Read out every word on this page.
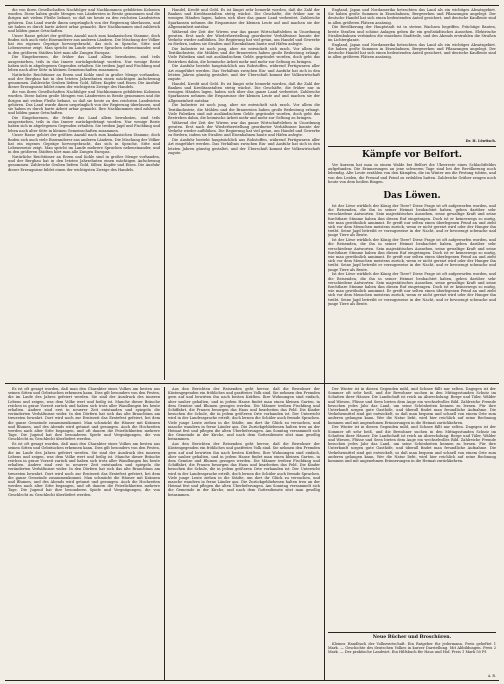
die von ihren Gesellschaften Nachfolger und Nachkommen gebildeten Kolonien wurden. Diese haben große Mengen von Ländereien in Besitz genommen und die ihrigen mit vielem Fleiße bebaut, so daß sie heute zu den reichsten Landwirten gehören. Das Land wurde ihnen ursprünglich von der Regierung überlassen, und sie haben es durch harte Arbeit urbar gemacht. Ihre Nachkommen sind zahlreich und bilden ganze Ortschaften.

Unser Rasse gehört der größten Anzahl nach zum kaukasischen Stamme, doch finden sich auch viele Einwanderer aus anderen Ländern. Die Mischung der Völker hat ein eigenes Gepräge hervorgebracht, das sich in Sprache, Sitte und Lebensweise zeigt. Man spricht im Lande mehrere Sprachen nebeneinander, und in den größeren Städten hört man alle Zungen Europas.

Die Eingeborenen, die früher das Land allein bewohnten, sind teils ausgestorben, teils in das Innere zurückgedrängt worden. Nur wenige Reste haben sich in abgelegenen Gegenden erhalten. Sie treiben Jagd und Fischfang und leben nach alter Sitte in kleinen Gemeinschaften zusammen.

Natürliche Reichtümer an Erzen und Kohle sind in großer Menge vorhanden, und der Bergbau hat in den letzten Jahrzehnten einen mächtigen Aufschwung genommen. Zahlreiche Gruben liefern Gold, Silber, Kupfer und Eisen. Die Ausfuhr dieser Erzeugnisse bildet einen der wichtigsten Zweige des Handels.

die von ihren Gesellschaften Nachfolger und Nachkommen gebildeten Kolonien wurden. Diese haben große Mengen von Ländereien in Besitz genommen und die ihrigen mit vielem Fleiße bebaut, so daß sie heute zu den reichsten Landwirten gehören. Das Land wurde ihnen ursprünglich von der Regierung überlassen, und sie haben es durch harte Arbeit urbar gemacht. Ihre Nachkommen sind zahlreich und bilden ganze Ortschaften.

Die Eingeborenen, die früher das Land allein bewohnten, sind teils ausgestorben, teils in das Innere zurückgedrängt worden. Nur wenige Reste haben sich in abgelegenen Gegenden erhalten. Sie treiben Jagd und Fischfang und leben nach alter Sitte in kleinen Gemeinschaften zusammen.

Unser Rasse gehört der größten Anzahl nach zum kaukasischen Stamme, doch finden sich auch viele Einwanderer aus anderen Ländern. Die Mischung der Völker hat ein eigenes Gepräge hervorgebracht, das sich in Sprache, Sitte und Lebensweise zeigt. Man spricht im Lande mehrere Sprachen nebeneinander, und in den größeren Städten hört man alle Zungen Europas.

Natürliche Reichtümer an Erzen und Kohle sind in großer Menge vorhanden, und der Bergbau hat in den letzten Jahrzehnten einen mächtigen Aufschwung genommen. Zahlreiche Gruben liefern Gold, Silber, Kupfer und Eisen. Die Ausfuhr dieser Erzeugnisse bildet einen der wichtigsten Zweige des Handels.

Handel, Kredit und Geld. Es ist längst sehr bemerkt worden, daß die Zahl der Banken und Kreditanstalten stetig wächst. Die Geschäfte, die früher nur in wenigen Händen lagen, haben sich über das ganze Land verbreitet. Zahlreiche Sparkassen nehmen die Ersparnisse der kleinen Leute auf und machen sie der Allgemeinheit nutzbar.

Während der Zeit der Wirren war das ganze Wirtschaftsleben in Unordnung geraten. Erst nach der Wiederherstellung geordneter Verhältnisse konnte der Verkehr wieder aufblühen. Die Regierung hat viel getan, um Handel und Gewerbe zu fördern, indem sie Straßen und Eisenbahnen baute und Häfen anlegte.

Die Industrie ist noch jung, aber sie entwickelt sich rasch. Vor allem die Textilindustrie, die Mühlen und die Brauereien haben große Bedeutung erlangt. Viele Fabriken sind mit ausländischem Gelde gegründet worden, doch geht das Bestreben dahin, die heimische Arbeit mehr und mehr zur Geltung zu bringen.

Die Ausfuhr besteht hauptsächlich aus Rohstoffen, während Fertigwaren aller Art eingeführt werden. Das Verhältnis zwischen Ein- und Ausfuhr hat sich in den letzten Jahren günstig gestaltet, und der Überschuß kommt der Volkswirtschaft zugute.

Handel, Kredit und Geld. Es ist längst sehr bemerkt worden, daß die Zahl der Banken und Kreditanstalten stetig wächst. Die Geschäfte, die früher nur in wenigen Händen lagen, haben sich über das ganze Land verbreitet. Zahlreiche Sparkassen nehmen die Ersparnisse der kleinen Leute auf und machen sie der Allgemeinheit nutzbar.

Die Industrie ist noch jung, aber sie entwickelt sich rasch. Vor allem die Textilindustrie, die Mühlen und die Brauereien haben große Bedeutung erlangt. Viele Fabriken sind mit ausländischem Gelde gegründet worden, doch geht das Bestreben dahin, die heimische Arbeit mehr und mehr zur Geltung zu bringen.

Während der Zeit der Wirren war das ganze Wirtschaftsleben in Unordnung geraten. Erst nach der Wiederherstellung geordneter Verhältnisse konnte der Verkehr wieder aufblühen. Die Regierung hat viel getan, um Handel und Gewerbe zu fördern, indem sie Straßen und Eisenbahnen baute und Häfen anlegte.

Die Ausfuhr besteht hauptsächlich aus Rohstoffen, während Fertigwaren aller Art eingeführt werden. Das Verhältnis zwischen Ein- und Ausfuhr hat sich in den letzten Jahren günstig gestaltet, und der Überschuß kommt der Volkswirtschaft zugute.

England, Japan und Nordamerika betrachten das Land als ein wichtiges Absatzgebiet. Sie haben große Summen in Eisenbahnen, Bergwerken und Pflanzungen angelegt. Der deutsche Handel hat sich einen bedeutenden Anteil gesichert, und deutsche Kaufleute sind in allen größeren Plätzen ansässig.

Die Bevölkerung der Hauptstadt ist in stetem Wachsen begriffen. Prächtige Bauten, breite Straßen und schöne Anlagen geben ihr ein großstädtisches Aussehen. Elektrische Straßenbahnen verbinden die einzelnen Stadtteile, und des Abends erstrahlen die Straßen im Lichterglanze.

England, Japan und Nordamerika betrachten das Land als ein wichtiges Absatzgebiet. Sie haben große Summen in Eisenbahnen, Bergwerken und Pflanzungen angelegt. Der deutsche Handel hat sich einen bedeutenden Anteil gesichert, und deutsche Kaufleute sind in allen größeren Plätzen ansässig.

Dr. H. Löwitsch.
Kämpfe vor Belfort.

Vor kurzem hat man in einem Walde bei Belfort die Überreste eines Schlachtfeldes aufgefunden. Die Erinnerungen an jene schweren Tage sind bei der Bevölkerung noch lebendig. Alte Leute erzählen von den Kämpfen, die im Winter um die Festung tobten, und von den Leiden, die Freund und Feind zu erdulden hatten. Zahlreiche Gräber zeugen noch heute von dem heißen Ringen.

Das Löwen.

Ist der Löwe wirklich der König der Tiere? Diese Frage ist oft aufgeworfen worden, und die Reisenden, die ihn in seiner Heimat beobachtet haben, geben darüber sehr verschiedene Antworten. Sein majestätisches Aussehen, seine gewaltige Kraft und seine furchtbare Stimme haben ihm diesen Ruf eingetragen. Doch ist er keineswegs so mutig, wie man gewöhnlich annimmt. Er greift nur selten einen überlegenen Feind an und zieht sich vor dem Menschen meistens zurück, wenn er nicht gereizt wird oder der Hunger ihn treibt. Seine Jagd betreibt er vorzugsweise in der Nacht, und er bevorzugt schwache und junge Tiere als Beute.

Ist der Löwe wirklich der König der Tiere? Diese Frage ist oft aufgeworfen worden, und die Reisenden, die ihn in seiner Heimat beobachtet haben, geben darüber sehr verschiedene Antworten. Sein majestätisches Aussehen, seine gewaltige Kraft und seine furchtbare Stimme haben ihm diesen Ruf eingetragen. Doch ist er keineswegs so mutig, wie man gewöhnlich annimmt. Er greift nur selten einen überlegenen Feind an und zieht sich vor dem Menschen meistens zurück, wenn er nicht gereizt wird oder der Hunger ihn treibt. Seine Jagd betreibt er vorzugsweise in der Nacht, und er bevorzugt schwache und junge Tiere als Beute.

Ist der Löwe wirklich der König der Tiere? Diese Frage ist oft aufgeworfen worden, und die Reisenden, die ihn in seiner Heimat beobachtet haben, geben darüber sehr verschiedene Antworten. Sein majestätisches Aussehen, seine gewaltige Kraft und seine furchtbare Stimme haben ihm diesen Ruf eingetragen. Doch ist er keineswegs so mutig, wie man gewöhnlich annimmt. Er greift nur selten einen überlegenen Feind an und zieht sich vor dem Menschen meistens zurück, wenn er nicht gereizt wird oder der Hunger ihn treibt. Seine Jagd betreibt er vorzugsweise in der Nacht, und er bevorzugt schwache und junge Tiere als Beute.

Es ist oft gesagt worden, daß man den Charakter eines Volkes am besten aus seinen Sitten und Gebräuchen erkennen kann. Dies gilt besonders von den Festen, die im Laufe des Jahres gefeiert werden. Sie sind der Ausdruck des inneren Lebens und zeigen, was dem Volke wert und heilig ist. Manche dieser Bräuche reichen in graue Vorzeit zurück und haben sich trotz aller Wandlungen bis heute erhalten. Andere sind erst in neuerer Zeit entstanden und spiegeln die veränderten Verhältnisse wider. In den Dörfern hat sich das alte Brauchtum am treuesten bewahrt. Dort wird noch zur Erntezeit das Erntefest gefeiert, bei dem die ganze Gemeinde zusammenkommt. Man schmückt die Häuser mit Kränzen und Blumen, und des Abends wird getanzt und gesungen. Auch die Hochzeiten werden nach alter Sitte begangen, und oft dauern die Feierlichkeiten mehrere Tage. Die Jugend hat ihre besonderen Spiele und Vergnügungen, die von Geschlecht zu Geschlecht überliefert werden.

Es ist oft gesagt worden, daß man den Charakter eines Volkes am besten aus seinen Sitten und Gebräuchen erkennen kann. Dies gilt besonders von den Festen, die im Laufe des Jahres gefeiert werden. Sie sind der Ausdruck des inneren Lebens und zeigen, was dem Volke wert und heilig ist. Manche dieser Bräuche reichen in graue Vorzeit zurück und haben sich trotz aller Wandlungen bis heute erhalten. Andere sind erst in neuerer Zeit entstanden und spiegeln die veränderten Verhältnisse wider. In den Dörfern hat sich das alte Brauchtum am treuesten bewahrt. Dort wird noch zur Erntezeit das Erntefest gefeiert, bei dem die ganze Gemeinde zusammenkommt. Man schmückt die Häuser mit Kränzen und Blumen, und des Abends wird getanzt und gesungen. Auch die Hochzeiten werden nach alter Sitte begangen, und oft dauern die Feierlichkeiten mehrere Tage. Die Jugend hat ihre besonderen Spiele und Vergnügungen, die von Geschlecht zu Geschlecht überliefert werden.

Aus den Berichten der Reisenden geht hervor, daß die Bewohner der Küstengegenden ein fröhliches und gastfreies Volk sind. Sie nehmen den Fremden gern auf und bewirten ihn nach besten Kräften. Ihre Wohnungen sind einfach, aber sauber gehalten, und in jedem Hause findet man einen kleinen Garten, in dem Gemüse und Blumen gezogen werden. Die Männer treiben Fischfang und Schiffahrt, die Frauen besorgen das Haus und bearbeiten das Feld. Die Kinder besuchen die Schule, die in jedem größeren Orte vorhanden ist. Der Unterricht wird in der Landessprache erteilt, doch lernen die Schüler auch fremde Sprachen. Viele junge Leute ziehen in die Städte, um dort ihr Glück zu versuchen, und manche wandern in ferne Länder aus. Die Zurückgebliebenen halten treu an der Heimat fest und pflegen die alten Überlieferungen. Am Sonntag versammelt sich die Gemeinde in der Kirche, und nach dem Gottesdienste sitzt man gesellig beisammen.

Aus den Berichten der Reisenden geht hervor, daß die Bewohner der Küstengegenden ein fröhliches und gastfreies Volk sind. Sie nehmen den Fremden gern auf und bewirten ihn nach besten Kräften. Ihre Wohnungen sind einfach, aber sauber gehalten, und in jedem Hause findet man einen kleinen Garten, in dem Gemüse und Blumen gezogen werden. Die Männer treiben Fischfang und Schiffahrt, die Frauen besorgen das Haus und bearbeiten das Feld. Die Kinder besuchen die Schule, die in jedem größeren Orte vorhanden ist. Der Unterricht wird in der Landessprache erteilt, doch lernen die Schüler auch fremde Sprachen. Viele junge Leute ziehen in die Städte, um dort ihr Glück zu versuchen, und manche wandern in ferne Länder aus. Die Zurückgebliebenen halten treu an der Heimat fest und pflegen die alten Überlieferungen. Am Sonntag versammelt sich die Gemeinde in der Kirche, und nach dem Gottesdienste sitzt man gesellig beisammen.

Der Winter ist in diesen Gegenden mild, und Schnee fällt nur selten. Dagegen ist der Sommer oft sehr heiß, und die Bewohner suchen in den Mittagsstunden Schutz im Schatten ihrer Häuser. Die Landschaft ist reich an Abwechslung: Berge und Täler, Wälder und Wiesen, Flüsse und Seen bieten dem Auge ein wechselvolles Bild. Zahlreiche Fremde besuchen jedes Jahr das Land, um seine Schönheiten kennen zu lernen. Für ihre Unterkunft sorgen gute Gasthöfe, und überall findet man freundliche Aufnahme. Die Verkehrsmittel sind gut entwickelt, so daß man bequem und schnell von einem Orte zum anderen gelangen kann. Wer die Natur liebt, wird hier reichlich auf seine Rechnung kommen und mit angenehmen Erinnerungen in die Heimat zurückkehren.

Der Winter ist in diesen Gegenden mild, und Schnee fällt nur selten. Dagegen ist der Sommer oft sehr heiß, und die Bewohner suchen in den Mittagsstunden Schutz im Schatten ihrer Häuser. Die Landschaft ist reich an Abwechslung: Berge und Täler, Wälder und Wiesen, Flüsse und Seen bieten dem Auge ein wechselvolles Bild. Zahlreiche Fremde besuchen jedes Jahr das Land, um seine Schönheiten kennen zu lernen. Für ihre Unterkunft sorgen gute Gasthöfe, und überall findet man freundliche Aufnahme. Die Verkehrsmittel sind gut entwickelt, so daß man bequem und schnell von einem Orte zum anderen gelangen kann. Wer die Natur liebt, wird hier reichlich auf seine Rechnung kommen und mit angenehmen Erinnerungen in die Heimat zurückkehren.

Neue Bücher und Broschüren.

Kleines Handbuch der Volkswirtschaft. Ein Ratgeber für jedermann. Preis geheftet 1 Mark. — Geschichte des deutschen Volkes in kurzer Darstellung. Mit Abbildungen. Preis 2 Mark. — Der praktische Landwirt. Ein Hilfsbuch für Haus und Hof. Preis 1 Mark 50 Pf.

A. B.
